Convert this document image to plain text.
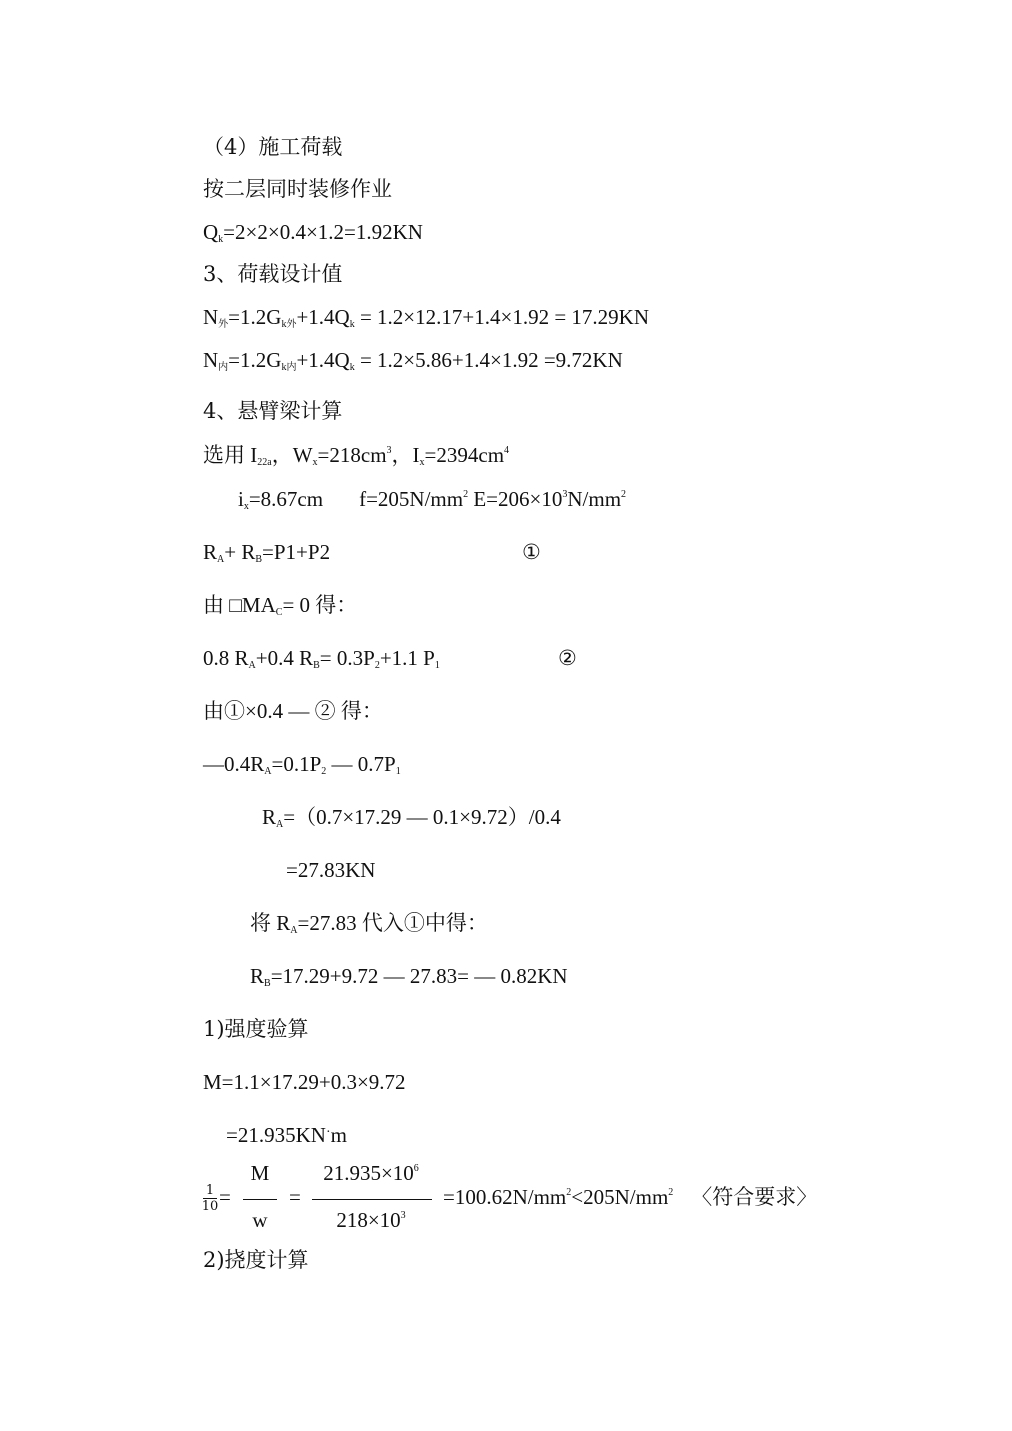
（4）施工荷载
按二层同时装修作业
$Q_k=2\times 2\times 0.4\times 1.2=1.92KN$
3、荷载设计值
$N_外=1.2G_{k外}+1.4Q_k = 1.2\times 12.17+1.4\times 1.92 = 17.29KN$
$N_内=1.2G_{k内}+1.4Q_k = 1.2\times 5.86+1.4\times 1.92 =9.72KN$
4、悬臂梁计算
选用 $I_{22a}$，$W_x=218cm^3$，$I_x=2394cm^4$
$i_x=8.67cm$ $f=205N/mm^2$ $E=206\times 10^3N/mm^2$
$R_A+ R_B=P1+P2$	①
由 $□MA_C= 0$ 得：
0.8 $R_A+0.4$ $R_B= 0.3P_2+1.1$ $P_1$	②
由①×0.4 — ② 得：
$—0.4R_A=0.1P_2$ — $0.7P_1$
$R_A=(0.7\times 17.29$ — 0.1×9.72）/0.4
=27.83KN
将 $R_A=27.83$ 代入①中得：
$R_B=17.29+9.72$ — 27.83= — 0.82KN
1)强度验算
M=1.1×17.29+0.3×9.72
=21.935KN·m
1
10 =
M
w
=
$21.935\times 10^6$
$218\times 10^3$
$=100.62N/mm^2<205N/mm^2$ 〈符合要求〉
2)挠度计算
